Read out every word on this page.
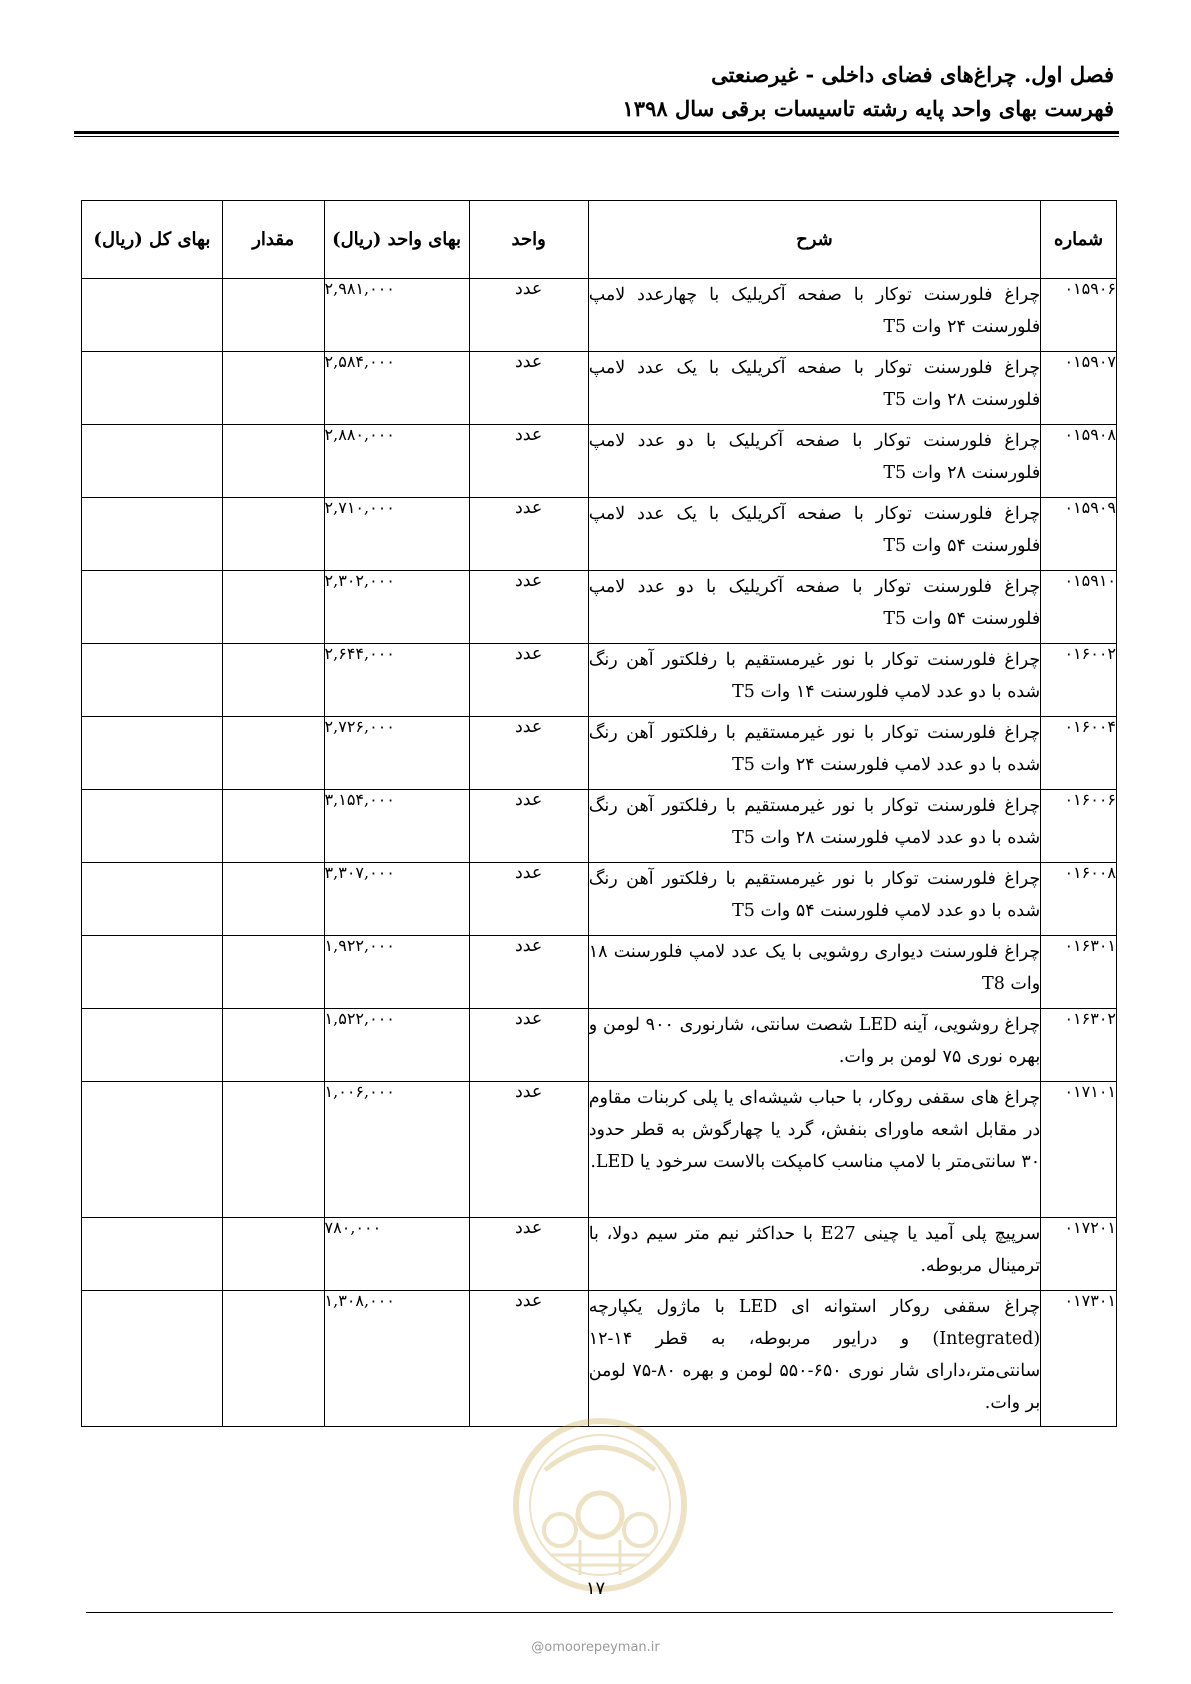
فصل اول. چراغ‌های فضای داخلی - غیرصنعتی
فهرست بهای واحد پایه رشته تاسیسات برقی سال ۱۳۹۸
شماره	شرح	واحد	بهای واحد (ریال)	مقدار	بهای کل (ریال)
۰۱۵۹۰۶	چراغ فلورسنت توکار با صفحه آکریلیک با چهارعدد لامپ فلورسنت ۲۴ وات T5	عدد	۲,۹۸۱,۰۰۰		
۰۱۵۹۰۷	چراغ فلورسنت توکار با صفحه آکریلیک با یک عدد لامپ فلورسنت ۲۸ وات T5	عدد	۲,۵۸۴,۰۰۰		
۰۱۵۹۰۸	چراغ فلورسنت توکار با صفحه آکریلیک با دو عدد لامپ فلورسنت ۲۸ وات T5	عدد	۲,۸۸۰,۰۰۰		
۰۱۵۹۰۹	چراغ فلورسنت توکار با صفحه آکریلیک با یک عدد لامپ فلورسنت ۵۴ وات T5	عدد	۲,۷۱۰,۰۰۰		
۰۱۵۹۱۰	چراغ فلورسنت توکار با صفحه آکریلیک با دو عدد لامپ فلورسنت ۵۴ وات T5	عدد	۲,۳۰۲,۰۰۰		
۰۱۶۰۰۲	چراغ فلورسنت توکار با نور غیرمستقیم با رفلکتور آهن رنگ شده با دو عدد لامپ فلورسنت ۱۴ وات T5	عدد	۲,۶۴۴,۰۰۰		
۰۱۶۰۰۴	چراغ فلورسنت توکار با نور غیرمستقیم با رفلکتور آهن رنگ شده با دو عدد لامپ فلورسنت ۲۴ وات T5	عدد	۲,۷۲۶,۰۰۰		
۰۱۶۰۰۶	چراغ فلورسنت توکار با نور غیرمستقیم با رفلکتور آهن رنگ شده با دو عدد لامپ فلورسنت ۲۸ وات T5	عدد	۳,۱۵۴,۰۰۰		
۰۱۶۰۰۸	چراغ فلورسنت توکار با نور غیرمستقیم با رفلکتور آهن رنگ شده با دو عدد لامپ فلورسنت ۵۴ وات T5	عدد	۳,۳۰۷,۰۰۰		
۰۱۶۳۰۱	چراغ فلورسنت دیواری روشویی با یک عدد لامپ فلورسنت ۱۸ وات T8	عدد	۱,۹۲۲,۰۰۰		
۰۱۶۳۰۲	چراغ روشویی، آینه LED شصت سانتی، شارنوری ۹۰۰ لومن و بهره نوری ۷۵ لومن بر وات.	عدد	۱,۵۲۲,۰۰۰		
۰۱۷۱۰۱	چراغ های سقفی روکار، با حباب شیشه‌ای یا پلی کربنات مقاوم در مقابل اشعه ماورای بنفش، گرد یا چهارگوش به قطر حدود ۳۰ سانتی‌متر با لامپ مناسب کامپکت بالاست سرخود یا LED.	عدد	۱,۰۰۶,۰۰۰		
۰۱۷۲۰۱	سرپیچ پلی آمید یا چینی E27 با حداکثر نیم متر سیم دولا، با ترمینال مربوطه.	عدد	۷۸۰,۰۰۰		
۰۱۷۳۰۱	چراغ سقفی روکار استوانه ای LED با ماژول یکپارچه (Integrated) و درایور مربوطه، به قطر ۱۴-۱۲ سانتی‌متر،دارای شار نوری ۶۵۰-۵۵۰ لومن و بهره ۸۰-۷۵ لومن بر وات.	عدد	۱,۳۰۸,۰۰۰		
۱۷
@omoorepeyman.ir
